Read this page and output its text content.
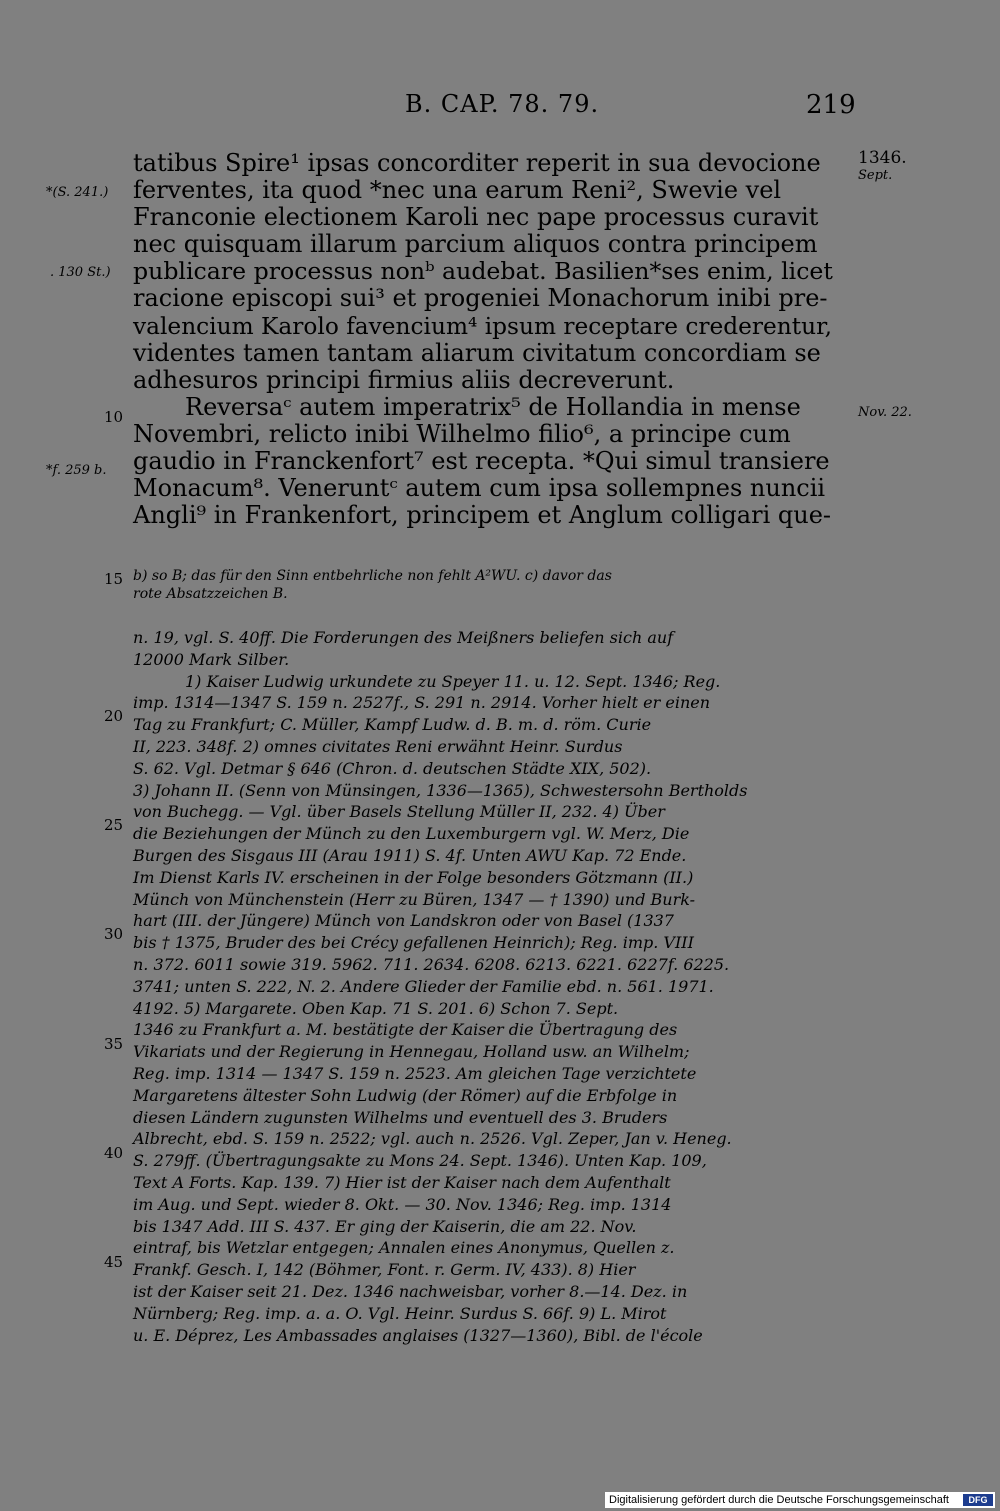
B. CAP. 78. 79.	219
1346.
Sept.
*(S. 241.)
. 130 St.)
Nov. 22.
*f. 259 b.
10
15
20
25
30
35
40
45
tatibus Spire¹ ipsas concorditer reperit in sua devocione
ferventes, ita quod *nec una earum Reni², Swevie vel
Franconie electionem Karoli nec pape processus curavit
nec quisquam illarum parcium aliquos contra principem
publicare processus nonᵇ audebat. Basilien*ses enim, licet
racione episcopi sui³ et progeniei Monachorum inibi pre-
valencium Karolo favencium⁴ ipsum receptare crederentur,
videntes tamen tantam aliarum civitatum concordiam se
adhesuros principi firmius aliis decreverunt.
Reversaᶜ autem imperatrix⁵ de Hollandia in mense
Novembri, relicto inibi Wilhelmo filio⁶, a principe cum
gaudio in Franckenfort⁷ est recepta. *Qui simul transiere
Monacum⁸. Veneruntᶜ autem cum ipsa sollempnes nuncii
Angli⁹ in Frankenfort, principem et Anglum colligari que-
b) so B; das für den Sinn entbehrliche non fehlt A²WU. c) davor das
rote Absatzzeichen B.
n. 19, vgl. S. 40ff. Die Forderungen des Meißners beliefen sich auf
12000 Mark Silber.
1) Kaiser Ludwig urkundete zu Speyer 11. u. 12. Sept. 1346; Reg.
imp. 1314—1347 S. 159 n. 2527f., S. 291 n. 2914. Vorher hielt er einen
Tag zu Frankfurt; C. Müller, Kampf Ludw. d. B. m. d. röm. Curie
II, 223. 348f. 2) omnes civitates Reni erwähnt Heinr. Surdus
S. 62. Vgl. Detmar § 646 (Chron. d. deutschen Städte XIX, 502).
3) Johann II. (Senn von Münsingen, 1336—1365), Schwestersohn Bertholds
von Buchegg. — Vgl. über Basels Stellung Müller II, 232. 4) Über
die Beziehungen der Münch zu den Luxemburgern vgl. W. Merz, Die
Burgen des Sisgaus III (Arau 1911) S. 4f. Unten AWU Kap. 72 Ende.
Im Dienst Karls IV. erscheinen in der Folge besonders Götzmann (II.)
Münch von Münchenstein (Herr zu Büren, 1347 — † 1390) und Burk-
hart (III. der Jüngere) Münch von Landskron oder von Basel (1337
bis † 1375, Bruder des bei Crécy gefallenen Heinrich); Reg. imp. VIII
n. 372. 6011 sowie 319. 5962. 711. 2634. 6208. 6213. 6221. 6227f. 6225.
3741; unten S. 222, N. 2. Andere Glieder der Familie ebd. n. 561. 1971.
4192. 5) Margarete. Oben Kap. 71 S. 201. 6) Schon 7. Sept.
1346 zu Frankfurt a. M. bestätigte der Kaiser die Übertragung des
Vikariats und der Regierung in Hennegau, Holland usw. an Wilhelm;
Reg. imp. 1314 — 1347 S. 159 n. 2523. Am gleichen Tage verzichtete
Margaretens ältester Sohn Ludwig (der Römer) auf die Erbfolge in
diesen Ländern zugunsten Wilhelms und eventuell des 3. Bruders
Albrecht, ebd. S. 159 n. 2522; vgl. auch n. 2526. Vgl. Zeper, Jan v. Heneg.
S. 279ff. (Übertragungsakte zu Mons 24. Sept. 1346). Unten Kap. 109,
Text A Forts. Kap. 139. 7) Hier ist der Kaiser nach dem Aufenthalt
im Aug. und Sept. wieder 8. Okt. — 30. Nov. 1346; Reg. imp. 1314
bis 1347 Add. III S. 437. Er ging der Kaiserin, die am 22. Nov.
eintraf, bis Wetzlar entgegen; Annalen eines Anonymus, Quellen z.
Frankf. Gesch. I, 142 (Böhmer, Font. r. Germ. IV, 433). 8) Hier
ist der Kaiser seit 21. Dez. 1346 nachweisbar, vorher 8.—14. Dez. in
Nürnberg; Reg. imp. a. a. O. Vgl. Heinr. Surdus S. 66f. 9) L. Mirot
u. E. Déprez, Les Ambassades anglaises (1327—1360), Bibl. de l'école
Digitalisierung gefördert durch die Deutsche Forschungsgemeinschaft	DFG
